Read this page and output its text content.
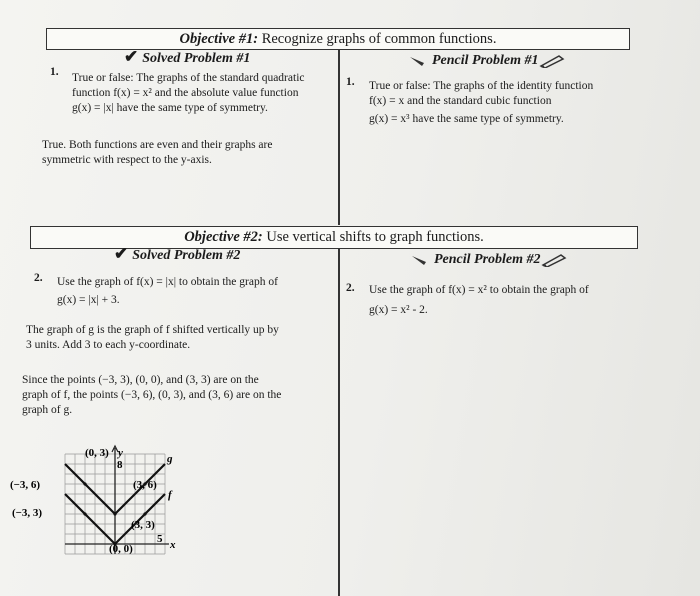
Objective #1: Recognize graphs of common functions.
✔ Solved Problem #1
1. True or false: The graphs of the standard quadratic
function f(x) = x² and the absolute value function
g(x) = |x| have the same type of symmetry.
True. Both functions are even and their graphs are
symmetric with respect to the y-axis.
Pencil Problem #1
1. True or false: The graphs of the identity function
f(x) = x and the standard cubic function
g(x) = x³ have the same type of symmetry.
Objective #2: Use vertical shifts to graph functions.
✔ Solved Problem #2
2. Use the graph of f(x) = |x| to obtain the graph of
g(x) = |x| + 3.
The graph of g is the graph of f shifted vertically up by
3 units. Add 3 to each y-coordinate.
Since the points (−3, 3), (0, 0), and (3, 3) are on the
graph of f, the points (−3, 6), (0, 3), and (3, 6) are on the
graph of g.
(0, 3) y
(−3, 6)	(3, 6)
(−3, 3)
(3, 3)
(0, 0)
8
5 x
g
f
Pencil Problem #2
2. Use the graph of f(x) = x² to obtain the graph of
g(x) = x² - 2.
